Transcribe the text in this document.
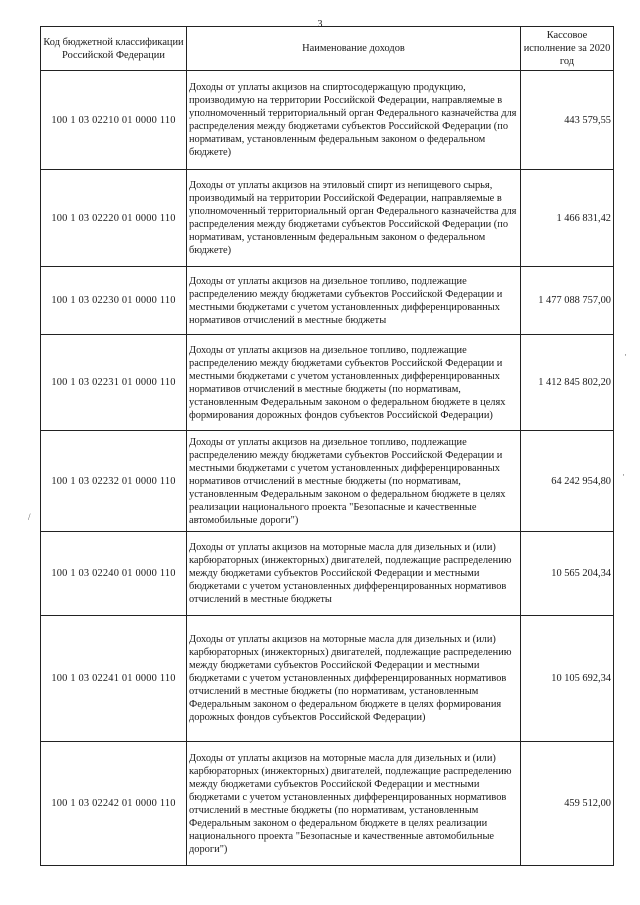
3
Код бюджетной классификации Российской Федерации	Наименование доходов	Кассовое исполнение за 2020 год
100 1 03 02210 01 0000 110	Доходы от уплаты акцизов на спиртосодержащую продукцию, производимую на территории Российской Федерации, направляемые в уполномоченный территориальный орган Федерального казначейства для распределения между бюджетами субъектов Российской Федерации (по нормативам, установленным федеральным законом о федеральном бюджете)	443 579,55
100 1 03 02220 01 0000 110	Доходы от уплаты акцизов на этиловый спирт из непищевого сырья, производимый на территории Российской Федерации, направляемые в уполномоченный территориальный орган Федерального казначейства для распределения между бюджетами субъектов Российской Федерации (по нормативам, установленным федеральным законом о федеральном бюджете)	1 466 831,42
100 1 03 02230 01 0000 110	Доходы от уплаты акцизов на дизельное топливо, подлежащие распределению между бюджетами субъектов Российской Федерации и местными бюджетами с учетом установленных дифференцированных нормативов отчислений в местные бюджеты	1 477 088 757,00
100 1 03 02231 01 0000 110	Доходы от уплаты акцизов на дизельное топливо, подлежащие распределению между бюджетами субъектов Российской Федерации и местными бюджетами с учетом установленных дифференцированных нормативов отчислений в местные бюджеты (по нормативам, установленным Федеральным законом о федеральном бюджете в целях формирования дорожных фондов субъектов Российской Федерации)	1 412 845 802,20
100 1 03 02232 01 0000 110	Доходы от уплаты акцизов на дизельное топливо, подлежащие распределению между бюджетами субъектов Российской Федерации и местными бюджетами с учетом установленных дифференцированных нормативов отчислений в местные бюджеты (по нормативам, установленным Федеральным законом о федеральном бюджете в целях реализации национального проекта "Безопасные и качественные автомобильные дороги")	64 242 954,80
100 1 03 02240 01 0000 110	Доходы от уплаты акцизов на моторные масла для дизельных и (или) карбюраторных (инжекторных) двигателей, подлежащие распределению между бюджетами субъектов Российской Федерации и местными бюджетами с учетом установленных дифференцированных нормативов отчислений в местные бюджеты	10 565 204,34
100 1 03 02241 01 0000 110	Доходы от уплаты акцизов на моторные масла для дизельных и (или) карбюраторных (инжекторных) двигателей, подлежащие распределению между бюджетами субъектов Российской Федерации и местными бюджетами с учетом установленных дифференцированных нормативов отчислений в местные бюджеты (по нормативам, установленным Федеральным законом о федеральном бюджете в целях формирования дорожных фондов субъектов Российской Федерации)	10 105 692,34
100 1 03 02242 01 0000 110	Доходы от уплаты акцизов на моторные масла для дизельных и (или) карбюраторных (инжекторных) двигателей, подлежащие распределению между бюджетами субъектов Российской Федерации и местными бюджетами с учетом установленных дифференцированных нормативов отчислений в местные бюджеты (по нормативам, установленным Федеральным законом о федеральном бюджете в целях реализации национального проекта "Безопасные и качественные автомобильные дороги")	459 512,00
/
·
·
